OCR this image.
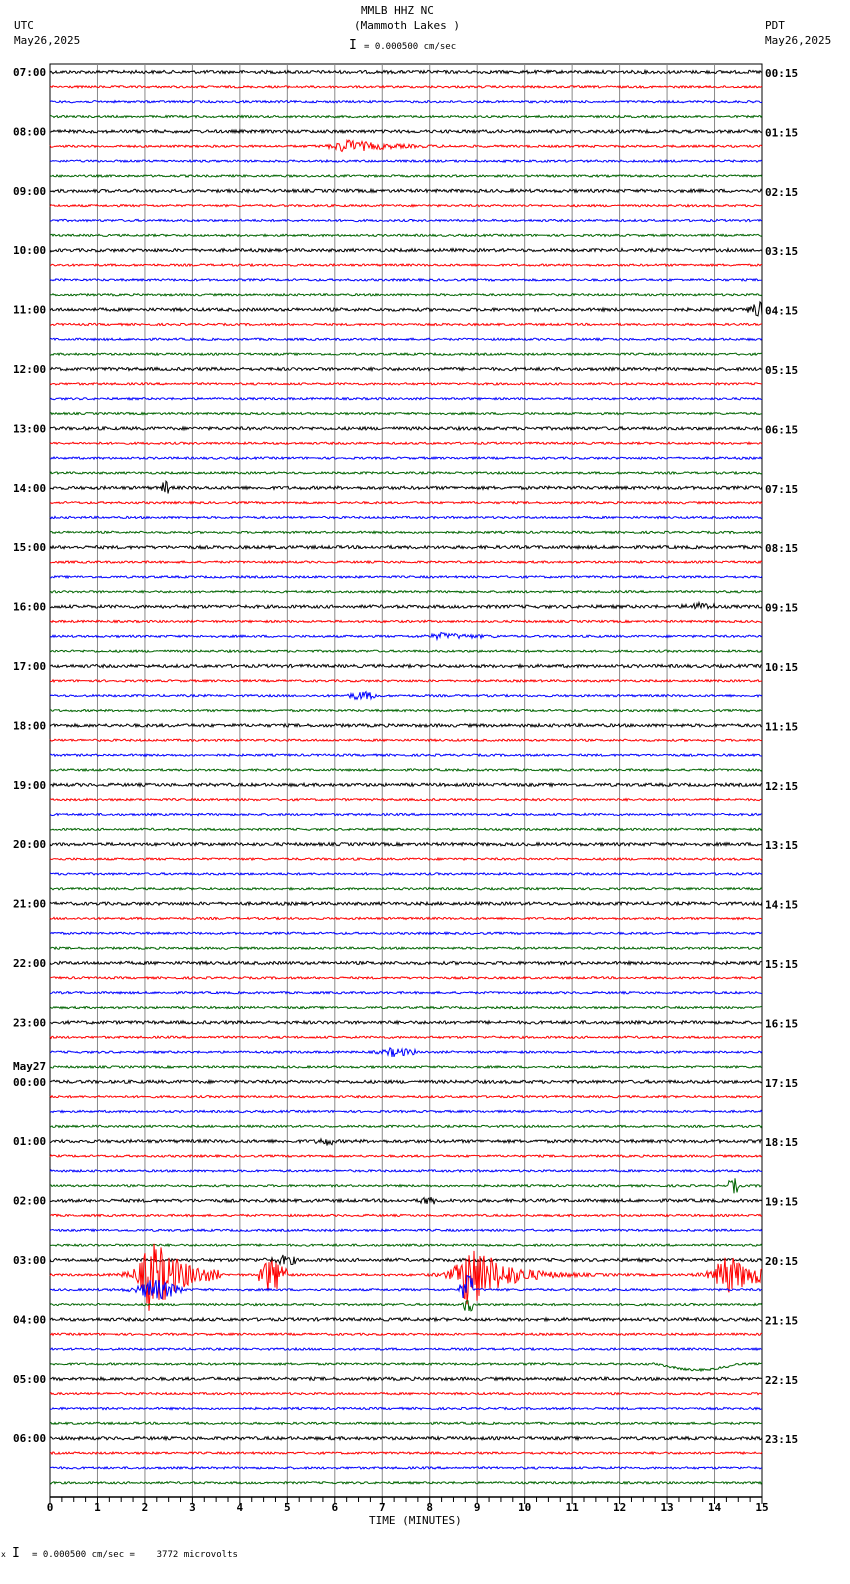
MMLB HHZ NC
(Mammoth Lakes )
UTC
May26,2025
PDT
May26,2025
I = 0.000500 cm/sec
TIME (MINUTES)
x I = 0.000500 cm/sec =    3772 microvolts
0	1	2	3	4	5	6	7	8	9	10	11	12	13	14	15
07:00
08:00
09:00
10:00
11:00
12:00
13:00
14:00
15:00
16:00
17:00
18:00
19:00
20:00
21:00
22:00
23:00
00:00
01:00
02:00
03:00
04:00
05:00
06:00
00:15
01:15
02:15
03:15
04:15
05:15
06:15
07:15
08:15
09:15
10:15
11:15
12:15
13:15
14:15
15:15
16:15
17:15
18:15
19:15
20:15
21:15
22:15
23:15
May27
